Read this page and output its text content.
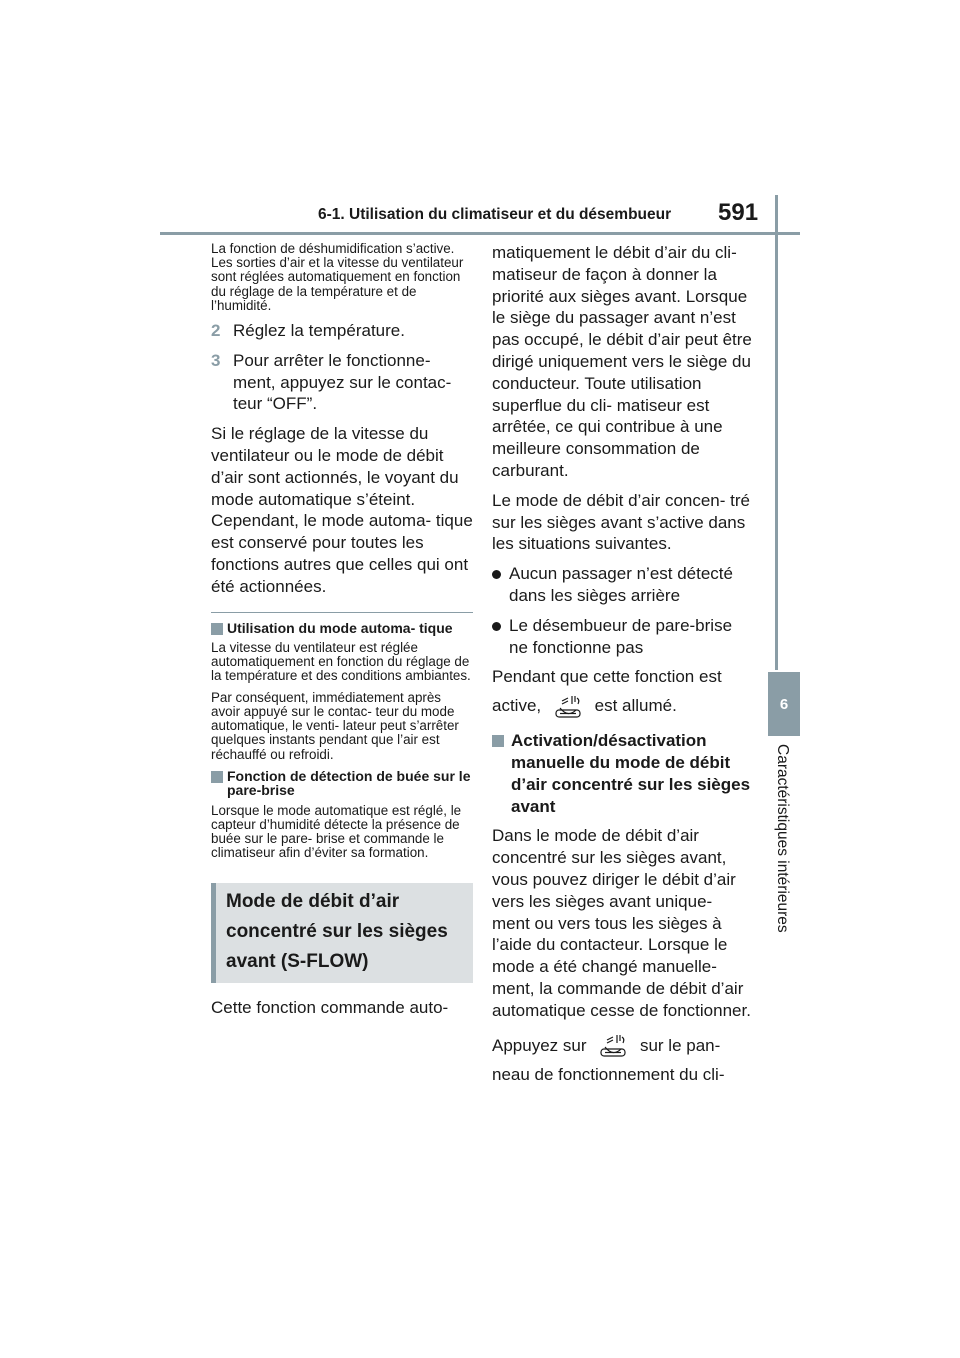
6-1. Utilisation du climatiseur et du désembueur 591
6
Caractéristiques intérieures

La fonction de déshumidification s’active. Les sorties d’air et la vitesse du ventilateur sont réglées automatiquement en fonction du réglage de la température et de l’humidité.

2 Réglez la température.
3 Pour arrêter le fonctionne- ment, appuyez sur le contac- teur “OFF”.

Si le réglage de la vitesse du ventilateur ou le mode de débit d’air sont actionnés, le voyant du mode automatique s’éteint. Cependant, le mode automa- tique est conservé pour toutes les fonctions autres que celles qui ont été actionnées.

Utilisation du mode automa- tique

La vitesse du ventilateur est réglée automatiquement en fonction du réglage de la température et des conditions ambiantes.

Par conséquent, immédiatement après avoir appuyé sur le contac- teur du mode automatique, le venti- lateur peut s’arrêter quelques instants pendant que l’air est réchauffé ou refroidi.

Fonction de détection de buée sur le pare-brise

Lorsque le mode automatique est réglé, le capteur d’humidité détecte la présence de buée sur le pare- brise et commande le climatiseur afin d’éviter sa formation.

Mode de débit d’air concentré sur les sièges avant (S-FLOW)

Cette fonction commande auto-

matiquement le débit d’air du cli- matiseur de façon à donner la priorité aux sièges avant. Lorsque le siège du passager avant n’est pas occupé, le débit d’air peut être dirigé uniquement vers le siège du conducteur. Toute utilisation superflue du cli- matiseur est arrêtée, ce qui contribue à une meilleure consommation de carburant.

Le mode de débit d’air concen- tré sur les sièges avant s’active dans les situations suivantes.

Aucun passager n’est détecté dans les sièges arrière
Le désembueur de pare-brise ne fonctionne pas

Pendant que cette fonction est

active,	est allumé.

Activation/désactivation manuelle du mode de débit d’air concentré sur les sièges avant

Dans le mode de débit d’air concentré sur les sièges avant, vous pouvez diriger le débit d’air vers les sièges avant unique- ment ou vers tous les sièges à l’aide du contacteur. Lorsque le mode a été changé manuelle- ment, la commande de débit d’air automatique cesse de fonctionner.

Appuyez sur	sur le pan-

neau de fonctionnement du cli-
